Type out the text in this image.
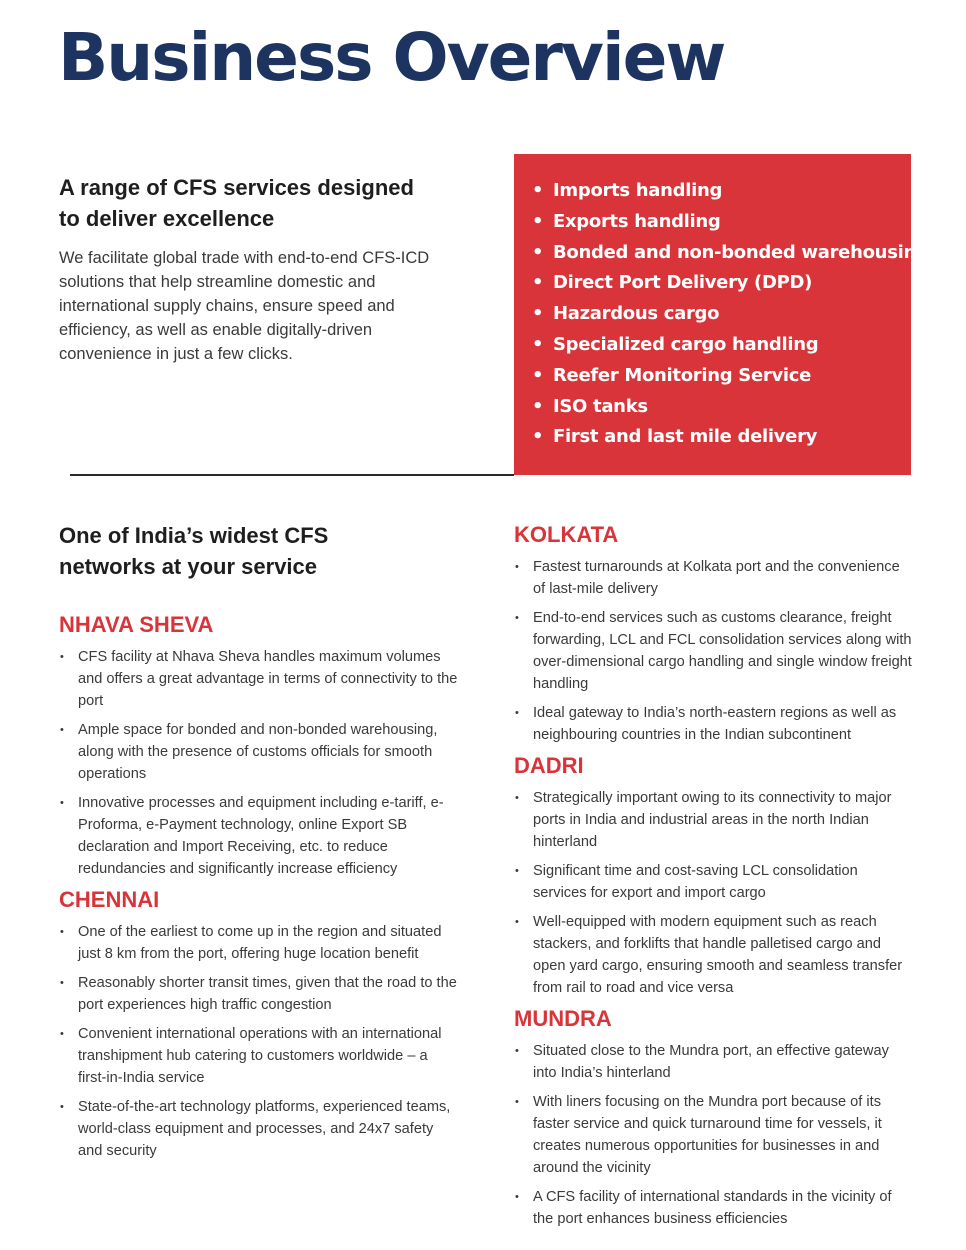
Business Overview
A range of CFS services designed
to deliver excellence

We facilitate global trade with end-to-end CFS-ICD solutions that help streamline domestic and international supply chains, ensure speed and efficiency, as well as enable digitally-driven convenience in just a few clicks.

• Imports handling
• Exports handling
• Bonded and non-bonded warehousing
• Direct Port Delivery (DPD)
• Hazardous cargo
• Specialized cargo handling
• Reefer Monitoring Service
• ISO tanks
• First and last mile delivery
One of India’s widest CFS
networks at your service
NHAVA SHEVA
• CFS facility at Nhava Sheva handles maximum volumes and offers a great advantage in terms of connectivity to the port
• Ample space for bonded and non-bonded warehousing, along with the presence of customs officials for smooth operations
• Innovative processes and equipment including e-tariff, e-Proforma, e-Payment technology, online Export SB declaration and Import Receiving, etc. to reduce redundancies and significantly increase efficiency
CHENNAI
• One of the earliest to come up in the region and situated just 8 km from the port, offering huge location benefit
• Reasonably shorter transit times, given that the road to the port experiences high traffic congestion
• Convenient international operations with an international transhipment hub catering to customers worldwide – a first-in-India service
• State-of-the-art technology platforms, experienced teams, world-class equipment and processes, and 24x7 safety and security
KOLKATA
• Fastest turnarounds at Kolkata port and the convenience of last-mile delivery
• End-to-end services such as customs clearance, freight forwarding, LCL and FCL consolidation services along with over-dimensional cargo handling and single window freight handling
• Ideal gateway to India’s north-eastern regions as well as neighbouring countries in the Indian subcontinent
DADRI
• Strategically important owing to its connectivity to major ports in India and industrial areas in the north Indian hinterland
• Significant time and cost-saving LCL consolidation services for export and import cargo
• Well-equipped with modern equipment such as reach stackers, and forklifts that handle palletised cargo and open yard cargo, ensuring smooth and seamless transfer from rail to road and vice versa
MUNDRA
• Situated close to the Mundra port, an effective gateway into India’s hinterland
• With liners focusing on the Mundra port because of its faster service and quick turnaround time for vessels, it creates numerous opportunities for businesses in and around the vicinity
• A CFS facility of international standards in the vicinity of the port enhances business efficiencies
